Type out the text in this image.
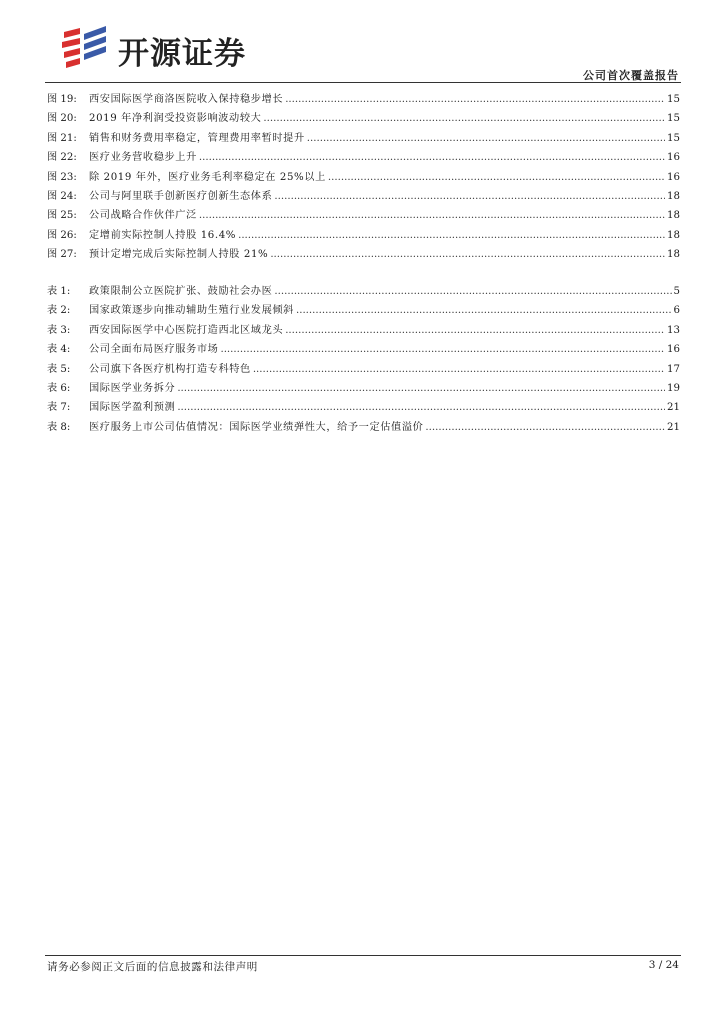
开源证券
公司首次覆盖报告
图 19:	西安国际医学商洛医院收入保持稳步增长 .....	15
图 20:	2019 年净利润受投资影响波动较大 .....	15
图 21:	销售和财务费用率稳定，管理费用率暂时提升 .....	15
图 22:	医疗业务营收稳步上升 .....	16
图 23:	除 2019 年外，医疗业务毛利率稳定在 25%以上 .....	16
图 24:	公司与阿里联手创新医疗创新生态体系 .....	18
图 25:	公司战略合作伙伴广泛 .....	18
图 26:	定增前实际控制人持股 16.4% .....	18
图 27:	预计定增完成后实际控制人持股 21% .....	18
表 1:	政策限制公立医院扩张、鼓励社会办医 .....	5
表 2:	国家政策逐步向推动辅助生殖行业发展倾斜 .....	6
表 3:	西安国际医学中心医院打造西北区域龙头 .....	13
表 4:	公司全面布局医疗服务市场 .....	16
表 5:	公司旗下各医疗机构打造专科特色 .....	17
表 6:	国际医学业务拆分 .....	19
表 7:	国际医学盈利预测 .....	21
表 8:	医疗服务上市公司估值情况：国际医学业绩弹性大，给予一定估值溢价 .....	21
请务必参阅正文后面的信息披露和法律声明	3 / 24
